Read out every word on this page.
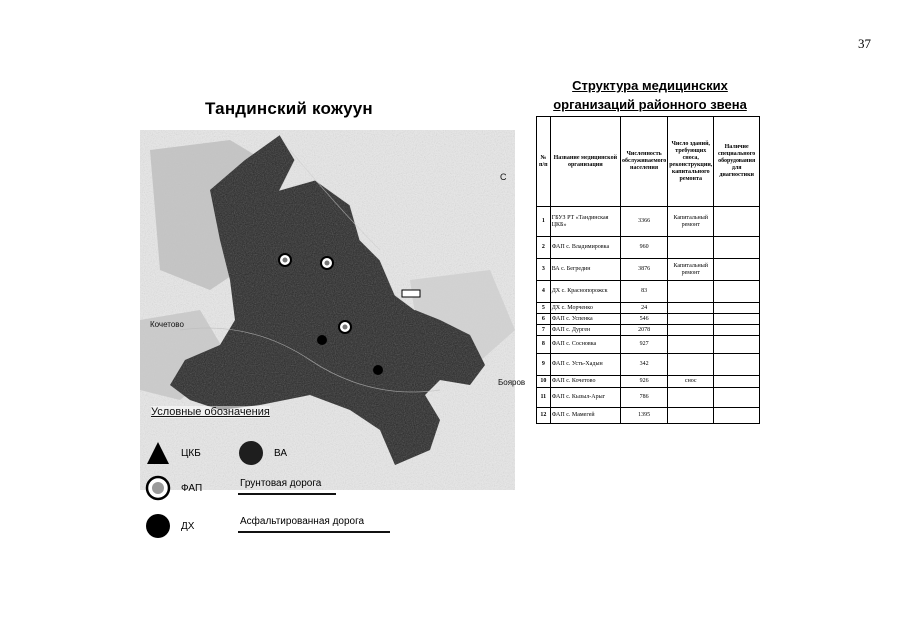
37
Тандинский кожуун
Кочетово
Бояров
С
Условные обозначения
ЦКБ	ВА
ФАП	Грунтовая дорога
ДХ	Асфальтированная дорога
Структура медицинских
организаций районного звена
№ п/п	Название медицинской организации	Численность обслуживаемого населения	Число зданий, требующих сноса, реконструкции, капитального ремонта	Наличие специального оборудования для диагностики
1	ГБУЗ РТ «Тандинская ЦКБ»	3366	Капитальный ремонт	
2	ФАП с. Владимировка	960		
3	ВА с. Бегредин	3876	Капитальный ремонт	
4	ДХ с. Краснопорожск	83		
5	ДХ с. Морченко	24		
6	ФАП с. Успенка	546		
7	ФАП с. Дурген	2078		
8	ФАП с. Сосновка	927		
9	ФАП с. Усть-Хадын	342		
10	ФАП с. Кочетово	926	снос	
11	ФАП с. Кызыл-Арыг	786		
12	ФАП с. Мамегей	1395		
